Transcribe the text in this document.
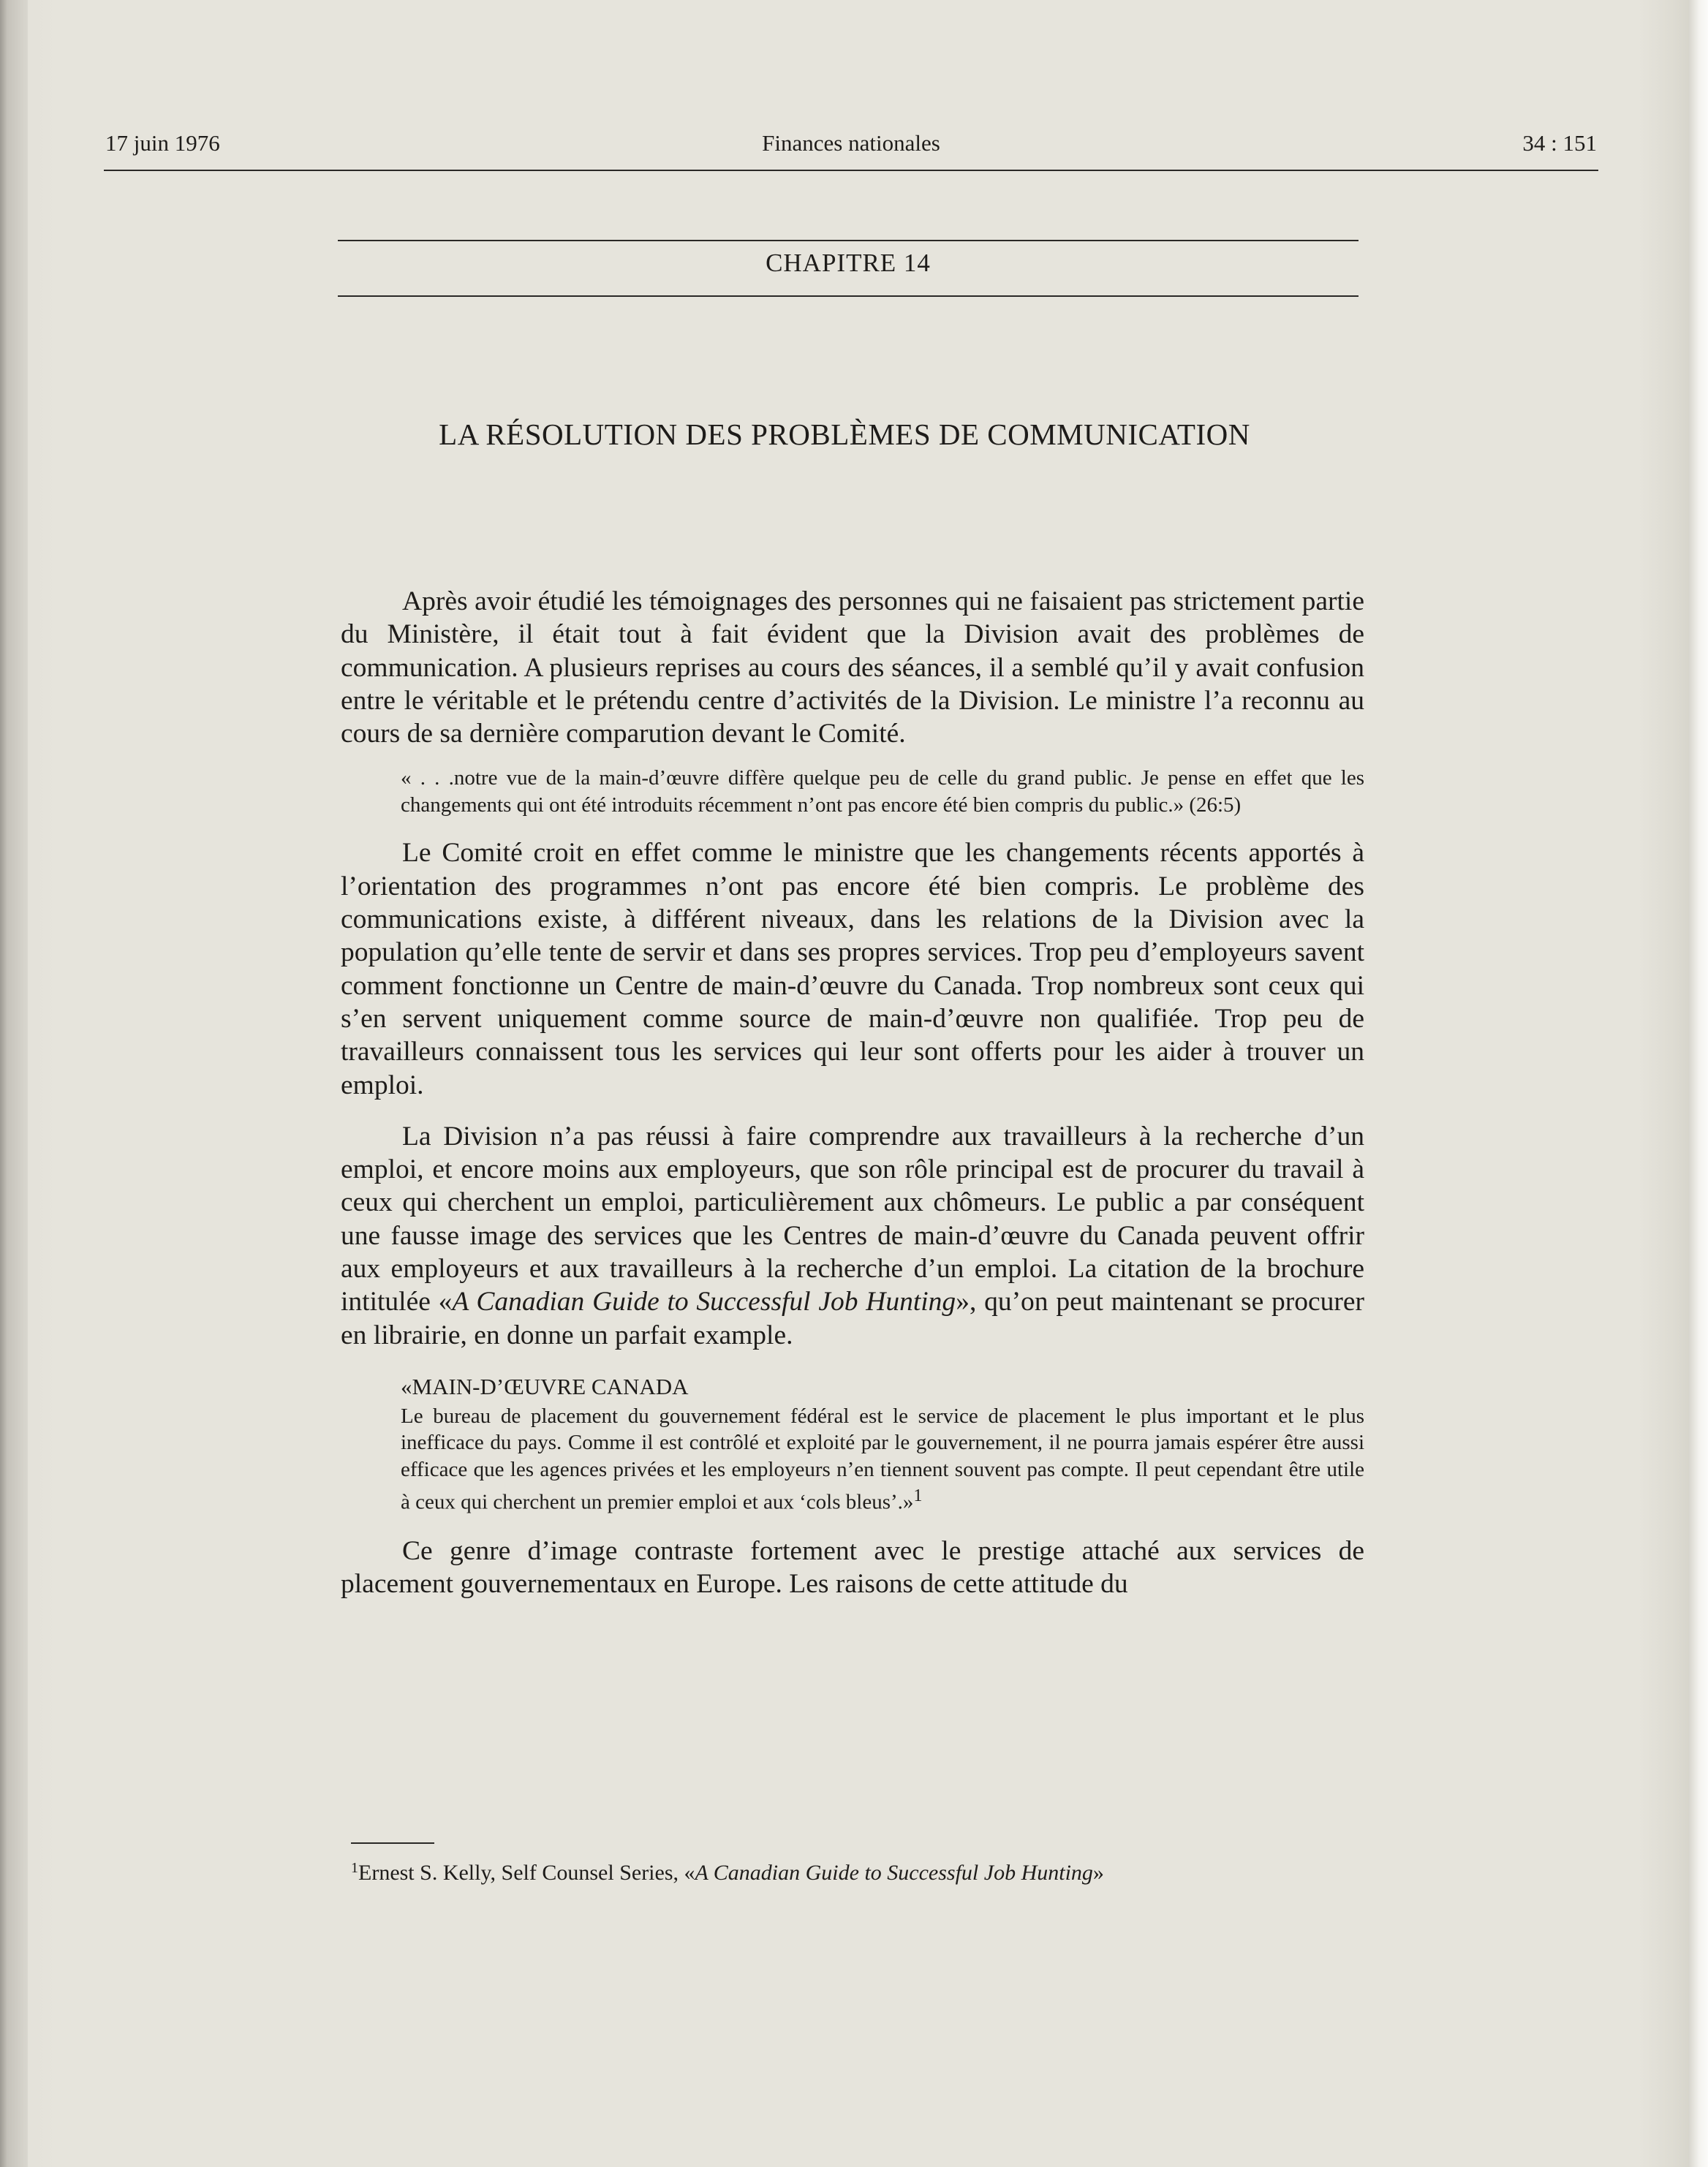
17 juin 1976	Finances nationales	34 : 151
CHAPITRE 14
LA RÉSOLUTION DES PROBLÈMES DE COMMUNICATION

Après avoir étudié les témoignages des personnes qui ne faisaient pas strictement partie du Ministère, il était tout à fait évident que la Division avait des problèmes de communication. A plusieurs reprises au cours des séances, il a semblé qu’il y avait confusion entre le véritable et le prétendu centre d’activités de la Division. Le ministre l’a reconnu au cours de sa dernière comparution devant le Comité.

« . . .notre vue de la main-d’œuvre diffère quelque peu de celle du grand public. Je pense en effet que les changements qui ont été introduits récemment n’ont pas encore été bien compris du public.» (26:5)

Le Comité croit en effet comme le ministre que les changements récents apportés à l’orientation des programmes n’ont pas encore été bien compris. Le problème des communications existe, à différent niveaux, dans les relations de la Division avec la population qu’elle tente de servir et dans ses propres services. Trop peu d’employeurs savent comment fonctionne un Centre de main-d’œuvre du Canada. Trop nombreux sont ceux qui s’en servent uniquement comme source de main-d’œuvre non qualifiée. Trop peu de travailleurs connaissent tous les services qui leur sont offerts pour les aider à trouver un emploi.

La Division n’a pas réussi à faire comprendre aux travailleurs à la recherche d’un emploi, et encore moins aux employeurs, que son rôle principal est de procurer du travail à ceux qui cherchent un emploi, particulièrement aux chômeurs. Le public a par conséquent une fausse image des services que les Centres de main-d’œuvre du Canada peuvent offrir aux employeurs et aux travailleurs à la recherche d’un emploi. La citation de la brochure intitulée «A Canadian Guide to Successful Job Hunting», qu’on peut maintenant se procurer en librairie, en donne un parfait example.

«MAIN-D’ŒUVRE CANADA
Le bureau de placement du gouvernement fédéral est le service de placement le plus important et le plus inefficace du pays. Comme il est contrôlé et exploité par le gouvernement, il ne pourra jamais espérer être aussi efficace que les agences privées et les employeurs n’en tiennent souvent pas compte. Il peut cependant être utile à ceux qui cherchent un premier emploi et aux ‘cols bleus’.»$^1$

Ce genre d’image contraste fortement avec le prestige attaché aux services de placement gouvernementaux en Europe. Les raisons de cette attitude du

$^1$Ernest S. Kelly, Self Counsel Series, «A Canadian Guide to Successful Job Hunting»
